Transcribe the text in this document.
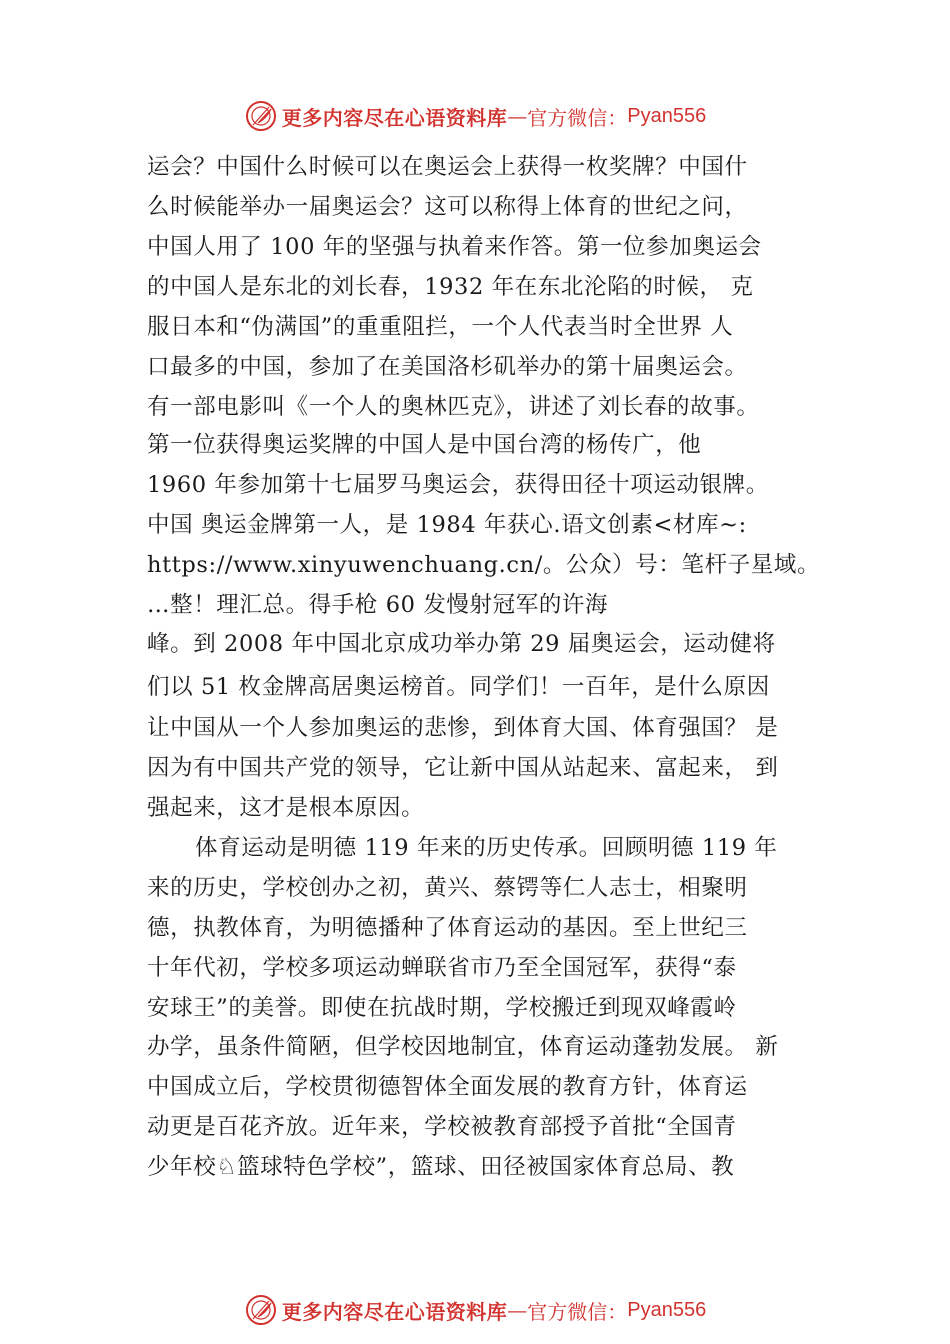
更多内容尽在心语资料库 — 官方微信： Pyan556
运会？中国什么时候可以在奥运会上获得一枚奖牌？中国什
么时候能举办一届奥运会？这可以称得上体育的世纪之问，
中国人用了 100 年的坚强与执着来作答。第一位参加奥运会
的中国人是东北的刘长春，1932 年在东北沦陷的时候， 克
服日本和“伪满国”的重重阻拦，一个人代表当时全世界 人
口最多的中国，参加了在美国洛杉矶举办的第十届奥运会。
有一部电影叫《一个人的奥林匹克》，讲述了刘长春的故事。
第一位获得奥运奖牌的中国人是中国台湾的杨传广，他
1960 年参加第十七届罗马奥运会，获得田径十项运动银牌。
中国 奥运金牌第一人，是 1984 年获心.语文创素<材库~:
https://www.xinyuwenchuang.cn/。公众）号：笔杆子星域。
…整！理汇总。得手枪 60 发慢射冠军的许海
峰。到 2008 年中国北京成功举办第 29 届奥运会，运动健将
们以 51 枚金牌高居奥运榜首。同学们！一百年，是什么原因
让中国从一个人参加奥运的悲惨，到体育大国、体育强国？ 是
因为有中国共产党的领导，它让新中国从站起来、富起来， 到
强起来，这才是根本原因。
体育运动是明德 119 年来的历史传承。回顾明德 119 年
来的历史，学校创办之初，黄兴、蔡锷等仁人志士，相聚明
德，执教体育，为明德播种了体育运动的基因。至上世纪三
十年代初，学校多项运动蝉联省市乃至全国冠军，获得“泰
安球王”的美誉。即使在抗战时期，学校搬迁到现双峰霞岭
办学，虽条件简陋，但学校因地制宜，体育运动蓬勃发展。 新
中国成立后，学校贯彻德智体全面发展的教育方针，体育运
动更是百花齐放。近年来，学校被教育部授予首批“全国青
少年校♘篮球特色学校”，篮球、田径被国家体育总局、教
更多内容尽在心语资料库 — 官方微信： Pyan556
